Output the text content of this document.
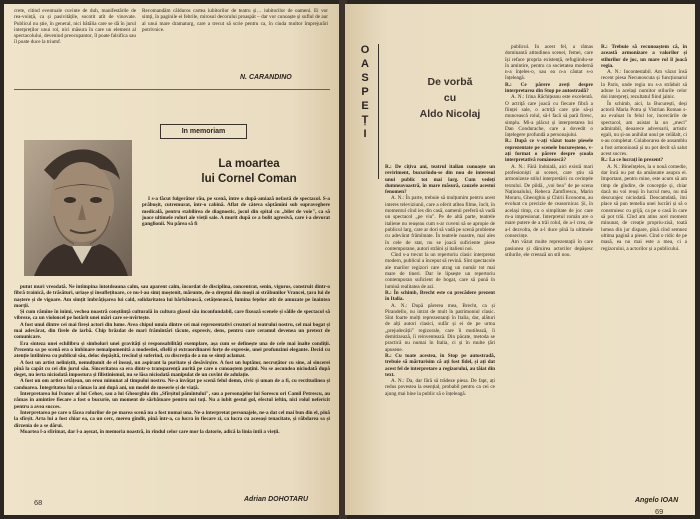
crete, citind eventuale cuvinte de duh, manifestările de rea-voință, ca și pasivitățile, socotit atît de vinovate. Publicul nu știe, în general, nici bătălia care se dă în jurul interpreților unui rol, nici măsura în care un element al spectacolului, devenind preocupantor, îl poate falsifica sau îl poate duce la triumf.
Recomandăm călduros cartea iubitorilor de teatru și… iubitorilor de oameni. Ei vor simți, în paginile ei febrile, mirosul decorului proaspăt – dar vor cunoaște și suflul de aur al unui mare dramaturg, care a trecut să scrie pentru ca, în ciuda multor împrejurări potrivnice.
N. CARANDINO
In memoriam
La moartea
lui Cornel Coman

I s-a făcut fulgerător rău, pe scenă, între o după-amiază nefastă de spectacol. S-a prăbușit, cutremurat, într-o cabină. Aflat de câteva săptămîni sub supraveghere medicală, pentru stabilirea de diagnostic, jocul din spital cu „bilet de voie", ca să joace ultimele roluri ale vieții sale. A murit după ce a bolit agresivă, care i-a devorat ganglionii. Nu părea să fi

putut muri vreodată. Ne întîmpina întotdeauna calm, sau aparent calm, încordat de disciplina, concentrat, senin, viguros, construit dintr-o fibră trainică, de trăsături, uriașe și însuflețitoare, ce nu-l-au simț moștenit, mărunte, de-a dreptul din moșii ai străbunilor Vrancei, țara lui de naștere și de vigoare. Am simțit îmbrățișarea lui cald, solidaritatea lui bărbătească, cetățenească, lumina fețelor atît de amuzate pe înaintea morții.

Și cum rămîne în inimi, vechea noastră conștiință culturală în cultura glasul său inconfundabil, care fixează scenele și sălile de spectacol să vibreze, ca un violoncel pe hotărît unei mări care se-nvîrtește.

A fost unul dintre cei mai fireși actori din lume. Avea chipul unuia dintre cei mai reprezentativi creatori ai teatrului nostru, cel mai bogat și mai adevărat, din firele de iarbă. Chip brăzdat de mari frămîntări tăcute, expresiv, dens, pentru care ceramul devenea un pretext de comunicare.

Era sinteza unei echilibru și simboluri unei gravități și responsabilități exemplare, așa cum se definește una de cele mai înalte condiții. Prezenta sa pe scenă era o îmbinare nemaipomenită a modestiei, sfielii și extraordinarei forțe de expresie, unei profunzimi elegante. Decid cu atenție întîlnirea cu publicul său, deloc depășită, trecînd și suferind, cu discreția de a nu se simți aclamat.

A fost un artist neliniștit, nemulțumit de el însuși, un aspirant la puritate și desăvîrșire. A fost un luptător, necruțător cu sine, al sincerei pînă la capăt cu cei din jurul său. Sinceritatea sa era dintr-o transparență aurită pe care o cunoaștem puțini. Nu se ascundea niciodată după deget, nu ierta niciodată impostura și filistinismul, nu se lăsa niciodată manipulat de un cuvînt de adulație.

A fost un om artist cetățean, un erou minunat al timpului nostru. Ne-a învățat pe scenă felul demn, civic și uman de a fi, cu rectitudinea și candoarea. Integritatea lui a rămas la ani după ani, un model de meserie și de viață.

Interpretarea lui Ivanov al lui Cehov, sau a lui Gheorghiu din „Sfîrșitul pămîntului", sau a personajelor lui Sorescu ori Camil Petrescu, au rămas în amintire fiecare a fost o bucurie, un moment de sărbătoare pentru noi toți. Nu a iubit gestul gol, efectul ieftin, nici rolul nefericit pentru a avea succes.

Interpretarea pe care o făcea rolurilor de pe marea scenă nu a fost numai una. Ne-a interpretat personajele, ne-a dat cel mai bun din el, pînă la sfîrșit. Arta lui a fost chiar ea, ca un cerc, mereu gîndit, pînă într-a, ca lucra în fiecare zi, ca lucra cu aceeași tenacitate, și răbdarea sa și dîrzenia de a se dărui.

Moartea l-a sfîrîmat, dar l-a așezat, în memoria noastră, în rîndul celor care mor la datorie, adică la linia întîi a vieții.

Adrian DOHOTARU
68
O
A
S
P
E
Ț
I
De vorbă
cu
Aldo Nicolaj

R.: De cîțiva ani, teatrul italian cunoaște un reviriment, bucurîndu-se din nou de interesul unui public tot mai larg. Cum vedeți dumneavoastră, în mare măsură, cauzele acestui fenomen?

A. N.: În parte, trebuie să mulțumim pentru acest interes televiziunii, care a oferit atîtea filme, încît, în momentul cînd ies din casă, oamenii preferă să vadă un spectacol „pe viu". Pe de altă parte, teatrele italiene nu reușeau cum s-ar cuveni să se apropie de publicul larg, care ar dori să vadă pe scenă probleme cu adevărat frămîntate. În teatrele noastre, mai ales în cele de stat, nu se joacă suficiente piese contemporane, autori străini și italieni noi.

Cînd s-a trecut la un repertoriu clasic interpretat modern, publicul a început să revină. Sînt spectacole ale marilor regizori care atrag un număr tot mai mare de tineri. Dar le lipsește un repertoriu contemporan suficient de bogat, care să pună în lumină realitatea de azi.

R.: În schimb, Brecht este cu precădere prezent în Italia.

A. N.: După părerea mea, Brecht, ca și Pirandello, nu intrat de mult în patrimoniul clasic. Sînt foarte mulți reprezentanți în Italia, dar, alături de alți autori clasici, sufăr și ei de pe urma „prejudecății" regizorale, care îi mutilează, îi demitizează, îi reinventează. Din păcate, metoda se practică nu numai în Italia, ci și în multe țări apusene.

R.: Cu toate acestea, în Stop pe autostradă, trebuie să mărturisim că ați fost fidel, și ați dat acest fel de interpretare a regizorului, au tăiat din text.

A. N.: Da, dar fără să trădeze piesa. De fapt, ați redus povestea la esențial, probabil pentru ca cei ce ajung mai bine la public să o înțeleagă.

publicul. În acest fel, a rămas dominantă atitudinea scenei, femei, care își reface propria existență, refugiindu-se în amintire, pentru ca societatea modernă n-a înțeles-o, sau ea n-a căutat s-o înțeleagă.

R.: Ce părere aveți despre interpretarea din Stop pe autostradă?

A. N.: Irina Răchițeanu este excelentă. O actriță care joacă cu fiecare fibră a ființei sale, o actriță care știe să-și muncească rolul, să-l facă să pară firesc, simplu. Mi-a plăcut și interpretarea lui Dan Condurache, care a dovedit o înțelegere profundă a personajului.

R.: După ce v-ați văzut toate piesele reprezentate pe scenele bucureștene, v-ați format o părere despre școala interpretativă românească?

A. N.: Fără îndoială, aici există mari profesioniști ai scenei, care știu să armonizeze stilul interpretării cu cerințele textului. De pildă, „voi bea" de pe scena Naționalului, Rebeca Zamfirescu, Marin Moraru, Gheorghiu și Chirii Economu, au evoluat cu precizie de ceasornicar. Și, în același timp, cu o simplitate de joc care m-a impresionat. Interpretul român are o mare putere de a trăi rolul, de a-l crea, de a-l dezvolta, de a-l duce pînă la ultimele consecințe.

Am văzut multe reprezentații în care pasiunea și dăruirea actorilor depășesc stilurile, ele creează un stil nou.

R.: Trebuie să recunoaștem că, în această armonizare a valorilor și stilurilor de joc, un mare rol îl joacă regia.

A. N.: Incontestabil. Am văzut însă recent piesa Necunoscuta și funcționarul la Paris, unde regia nu s-a străduit să adune la același numitor stilurile celor doi interpreți, rezultatul fiind jalnic.

În schimb, aici, la București, deși actorii Maria Potra și Vistrian Roman s-au evaluat în felul lor, încercările de spectacol, am asistat la un „meci" admirabil, deoarece adversarii, artistic egali, nu și-au anihilat unul pe celălalt, ci s-au completat. Colaborarea de ansamblu a fost armonioasă și nu pot decît să salut acest succes.

R.: La ce lucrați în prezent?

A. N.: Bineînțeles, la o nouă comedie, dar încă nu pot da amănunte asupra ei. Important, pentru mine, este acum să am timp de gîndire, de concepție și, chiar dacă nu voi reuși în lucrul meu, nu mă descurajez niciodată. Deocamdată, îmi place să pun temelia unei lucrări și să o construiesc cu grijă, ca pe o casă în care să pot trăi. Cînd am atins acel moment minunat, de creație propriu-zisă, toată lumea din jur dispare, pînă cînd semnez ultima pagină a piesei. Cînd o ridic de pe masă, ea nu mai este a mea, ci a regizorului, a actorilor și a publicului.

Angelo IOAN
69
